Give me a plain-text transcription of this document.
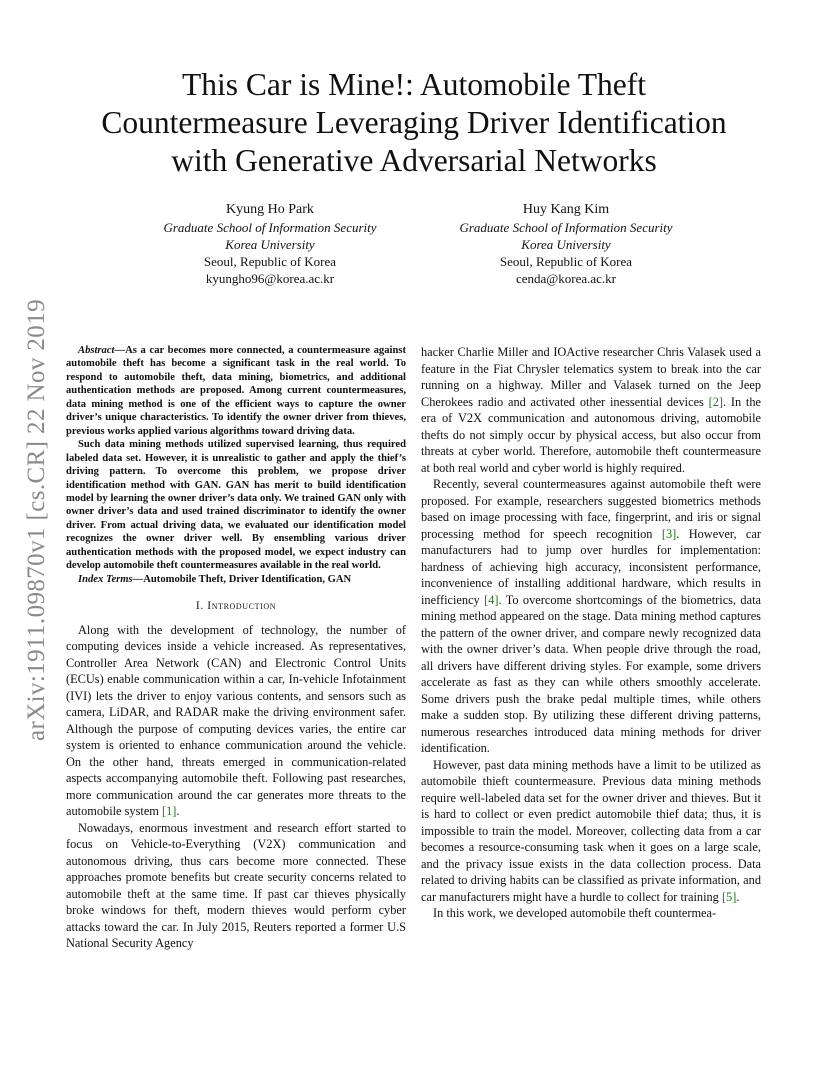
arXiv:1911.09870v1 [cs.CR] 22 Nov 2019
This Car is Mine!: Automobile Theft
Countermeasure Leveraging Driver Identification
with Generative Adversarial Networks
Kyung Ho Park
Graduate School of Information Security
Korea University
Seoul, Republic of Korea
kyungho96@korea.ac.kr
Huy Kang Kim
Graduate School of Information Security
Korea University
Seoul, Republic of Korea
cenda@korea.ac.kr

Abstract—As a car becomes more connected, a countermeasure against automobile theft has become a significant task in the real world. To respond to automobile theft, data mining, biometrics, and additional authentication methods are proposed. Among current countermeasures, data mining method is one of the efficient ways to capture the owner driver’s unique characteristics. To identify the owner driver from thieves, previous works applied various algorithms toward driving data.

Such data mining methods utilized supervised learning, thus required labeled data set. However, it is unrealistic to gather and apply the thief’s driving pattern. To overcome this problem, we propose driver identification method with GAN. GAN has merit to build identification model by learning the owner driver’s data only. We trained GAN only with owner driver’s data and used trained discriminator to identify the owner driver. From actual driving data, we evaluated our identification model recognizes the owner driver well. By ensembling various driver authentication methods with the proposed model, we expect industry can develop automobile theft countermeasures available in the real world.

Index Terms—Automobile Theft, Driver Identification, GAN

I. Introduction

Along with the development of technology, the number of computing devices inside a vehicle increased. As representatives, Controller Area Network (CAN) and Electronic Control Units (ECUs) enable communication within a car, In-vehicle Infotainment (IVI) lets the driver to enjoy various contents, and sensors such as camera, LiDAR, and RADAR make the driving environment safer. Although the purpose of computing devices varies, the entire car system is oriented to enhance communication around the vehicle. On the other hand, threats emerged in communication-related aspects accompanying automobile theft. Following past researches, more communication around the car generates more threats to the automobile system [1].

Nowadays, enormous investment and research effort started to focus on Vehicle-to-Everything (V2X) communication and autonomous driving, thus cars become more connected. These approaches promote benefits but create security concerns related to automobile theft at the same time. If past car thieves physically broke windows for theft, modern thieves would perform cyber attacks toward the car. In July 2015, Reuters reported a former U.S National Security Agency

hacker Charlie Miller and IOActive researcher Chris Valasek used a feature in the Fiat Chrysler telematics system to break into the car running on a highway. Miller and Valasek turned on the Jeep Cherokees radio and activated other inessential devices [2]. In the era of V2X communication and autonomous driving, automobile thefts do not simply occur by physical access, but also occur from threats at cyber world. Therefore, automobile theft countermeasure at both real world and cyber world is highly required.

Recently, several countermeasures against automobile theft were proposed. For example, researchers suggested biometrics methods based on image processing with face, fingerprint, and iris or signal processing method for speech recognition [3]. However, car manufacturers had to jump over hurdles for implementation: hardness of achieving high accuracy, inconsistent performance, inconvenience of installing additional hardware, which results in inefficiency [4]. To overcome shortcomings of the biometrics, data mining method appeared on the stage. Data mining method captures the pattern of the owner driver, and compare newly recognized data with the owner driver’s data. When people drive through the road, all drivers have different driving styles. For example, some drivers accelerate as fast as they can while others smoothly accelerate. Some drivers push the brake pedal multiple times, while others make a sudden stop. By utilizing these different driving patterns, numerous researches introduced data mining methods for driver identification.

However, past data mining methods have a limit to be utilized as automobile thieft countermeasure. Previous data mining methods require well-labeled data set for the owner driver and thieves. But it is hard to collect or even predict automobile thief data; thus, it is impossible to train the model. Moreover, collecting data from a car becomes a resource-consuming task when it goes on a large scale, and the privacy issue exists in the data collection process. Data related to driving habits can be classified as private information, and car manufacturers might have a hurdle to collect for training [5].

In this work, we developed automobile theft countermea-
